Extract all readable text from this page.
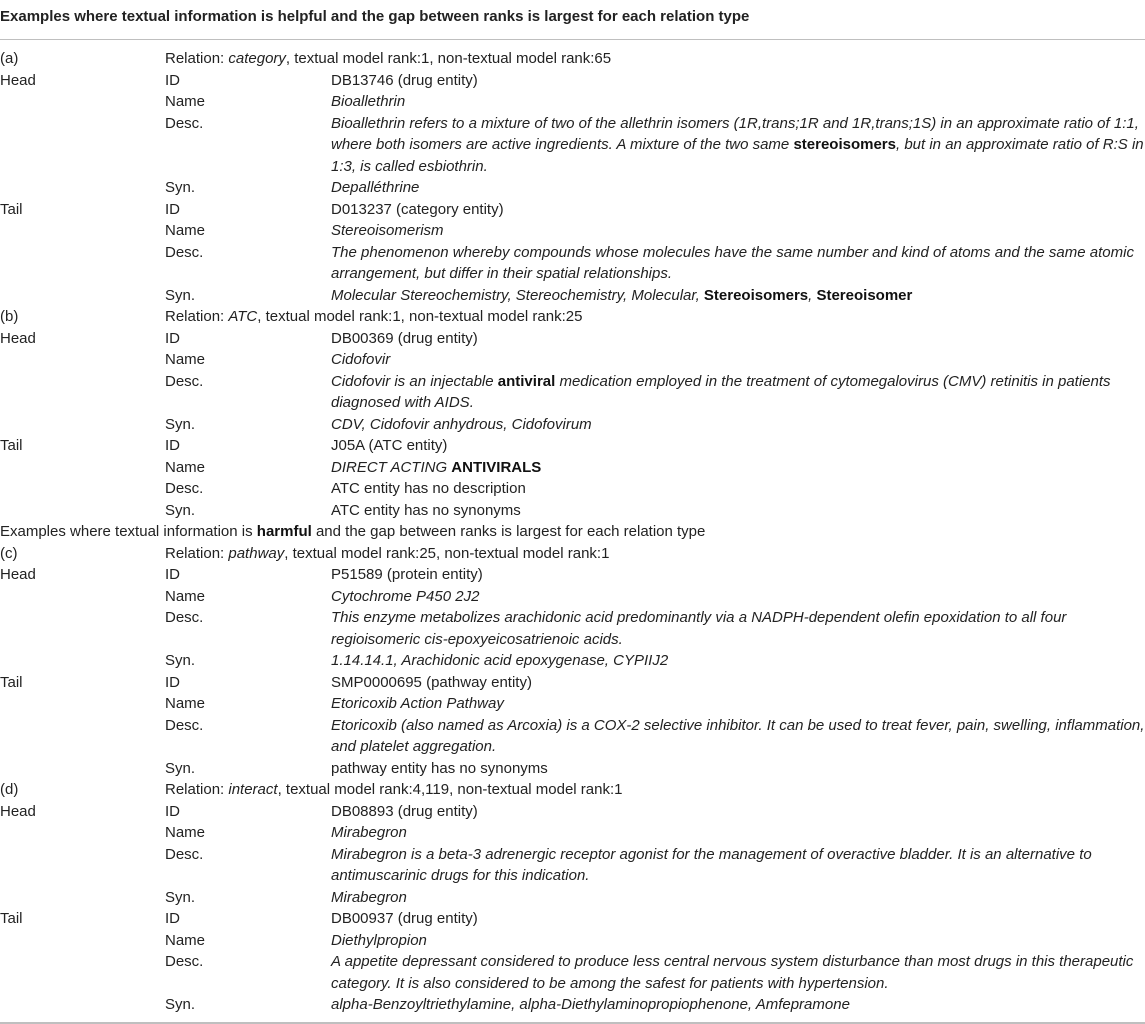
Examples where textual information is helpful and the gap between ranks is largest for each relation type
(a)	Relation: category, textual model rank:1, non-textual model rank:65
Head	ID	DB13746 (drug entity)
Name	Bioallethrin
Desc.	Bioallethrin refers to a mixture of two of the allethrin isomers (1R,trans;1R and 1R,trans;1S) in an approximate ratio of 1:1, where both isomers are active ingredients. A mixture of the two same stereoisomers, but in an approximate ratio of R:S in 1:3, is called esbiothrin.
Syn.	Depalléthrine
Tail	ID	D013237 (category entity)
Name	Stereoisomerism
Desc.	The phenomenon whereby compounds whose molecules have the same number and kind of atoms and the same atomic arrangement, but differ in their spatial relationships.
Syn.	Molecular Stereochemistry, Stereochemistry, Molecular, Stereoisomers, Stereoisomer
(b)	Relation: ATC, textual model rank:1, non-textual model rank:25
Head	ID	DB00369 (drug entity)
Name	Cidofovir
Desc.	Cidofovir is an injectable antiviral medication employed in the treatment of cytomegalovirus (CMV) retinitis in patients diagnosed with AIDS.
Syn.	CDV, Cidofovir anhydrous, Cidofovirum
Tail	ID	J05A (ATC entity)
Name	DIRECT ACTING ANTIVIRALS
Desc.	ATC entity has no description
Syn.	ATC entity has no synonyms
Examples where textual information is harmful and the gap between ranks is largest for each relation type
(c)	Relation: pathway, textual model rank:25, non-textual model rank:1
Head	ID	P51589 (protein entity)
Name	Cytochrome P450 2J2
Desc.	This enzyme metabolizes arachidonic acid predominantly via a NADPH-dependent olefin epoxidation to all four regioisomeric cis-epoxyeicosatrienoic acids.
Syn.	1.14.14.1, Arachidonic acid epoxygenase, CYPIIJ2
Tail	ID	SMP0000695 (pathway entity)
Name	Etoricoxib Action Pathway
Desc.	Etoricoxib (also named as Arcoxia) is a COX-2 selective inhibitor. It can be used to treat fever, pain, swelling, inflammation, and platelet aggregation.
Syn.	pathway entity has no synonyms
(d)	Relation: interact, textual model rank:4,119, non-textual model rank:1
Head	ID	DB08893 (drug entity)
Name	Mirabegron
Desc.	Mirabegron is a beta-3 adrenergic receptor agonist for the management of overactive bladder. It is an alternative to antimuscarinic drugs for this indication.
Syn.	Mirabegron
Tail	ID	DB00937 (drug entity)
Name	Diethylpropion
Desc.	A appetite depressant considered to produce less central nervous system disturbance than most drugs in this therapeutic category. It is also considered to be among the safest for patients with hypertension.
Syn.	alpha-Benzoyltriethylamine, alpha-Diethylaminopropiophenone, Amfepramone
